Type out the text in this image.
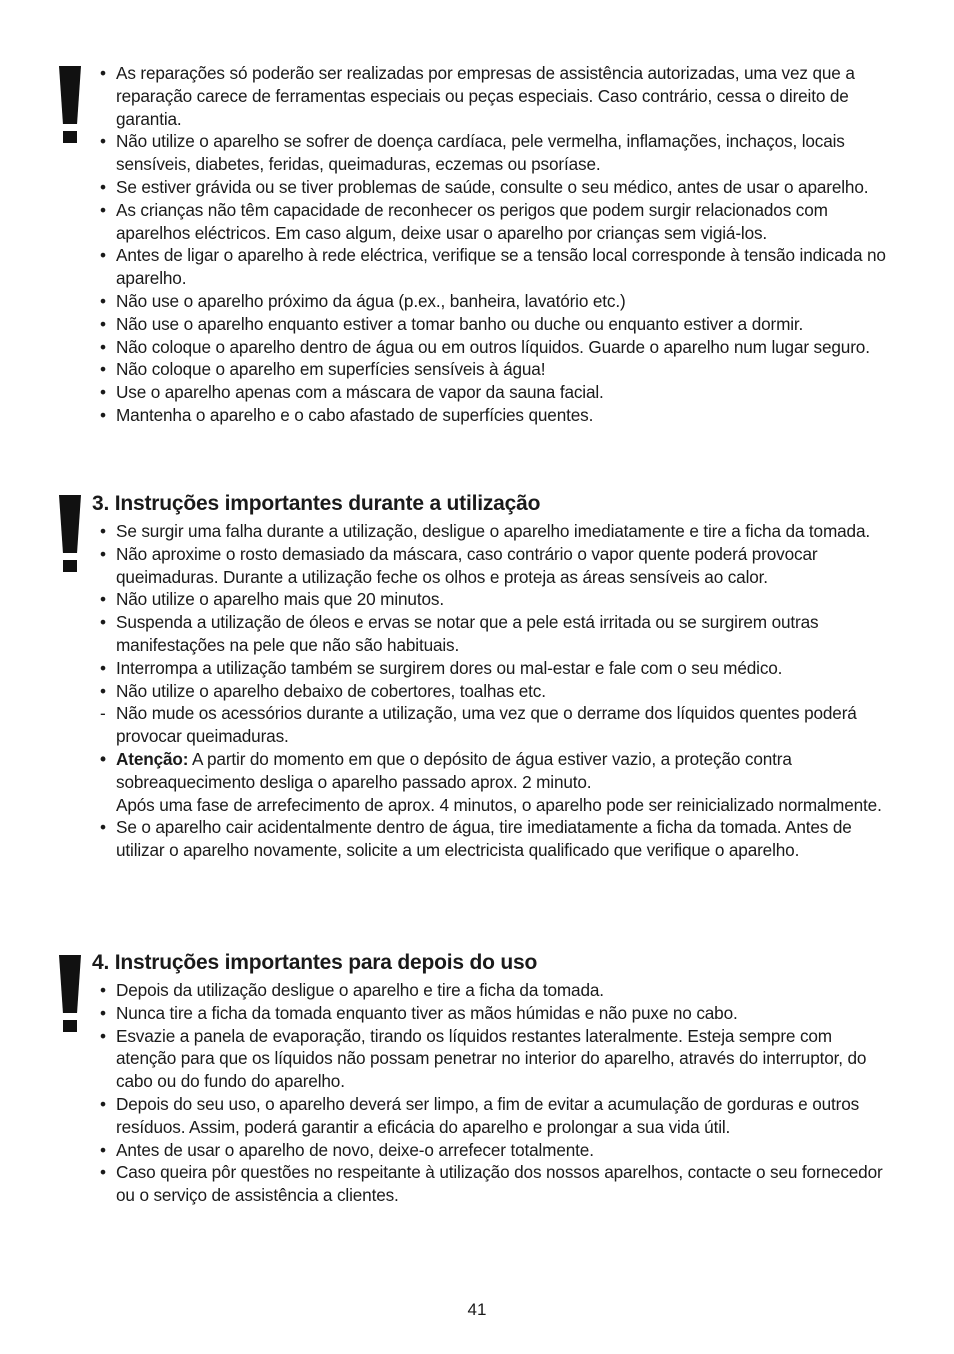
• As reparações só poderão ser realizadas por empresas de assistência autorizadas, uma vez que a reparação carece de ferramentas especiais ou peças especiais. Caso contrário, cessa o direito de garantia.
• Não utilize o aparelho se sofrer de doença cardíaca, pele vermelha, inflamações, inchaços, locais sensíveis, diabetes, feridas, queimaduras, eczemas ou psoríase.
• Se estiver grávida ou se tiver problemas de saúde, consulte o seu médico, antes de usar o aparelho.
• As crianças não têm capacidade de reconhecer os perigos que podem surgir relacionados com aparelhos eléctricos. Em caso algum, deixe usar o aparelho por crianças sem vigiá-los.
• Antes de ligar o aparelho à rede eléctrica, verifique se a tensão local corresponde à tensão indicada no aparelho.
• Não use o aparelho próximo da água (p.ex., banheira, lavatório etc.)
• Não use o aparelho enquanto estiver a tomar banho ou duche ou enquanto estiver a dormir.
• Não coloque o aparelho dentro de água ou em outros líquidos. Guarde o aparelho num lugar seguro.
• Não coloque o aparelho em superfícies sensíveis à água!
• Use o aparelho apenas com a máscara de vapor da sauna facial.
• Mantenha o aparelho e o cabo afastado de superfícies quentes.
3. Instruções importantes durante a utilização
• Se surgir uma falha durante a utilização, desligue o aparelho imediatamente e tire a ficha da tomada.
• Não aproxime o rosto demasiado da máscara, caso contrário o vapor quente poderá provocar queimaduras. Durante a utilização feche os olhos e proteja as áreas sensíveis ao calor.
• Não utilize o aparelho mais que 20 minutos.
• Suspenda a utilização de óleos e ervas se notar que a pele está irritada ou se surgirem outras manifestações na pele que não são habituais.
• Interrompa a utilização também se surgirem dores ou mal-estar e fale com o seu médico.
• Não utilize o aparelho debaixo de cobertores, toalhas etc.
- Não mude os acessórios durante a utilização, uma vez que o derrame dos líquidos quentes poderá provocar queimaduras.
• Atenção: A partir do momento em que o depósito de água estiver vazio, a proteção contra sobreaquecimento desliga o aparelho passado aprox. 2 minuto.
Após uma fase de arrefecimento de aprox. 4 minutos, o aparelho pode ser reinicializado normalmente.
• Se o aparelho cair acidentalmente dentro de água, tire imediatamente a ficha da tomada. Antes de utilizar o aparelho novamente, solicite a um electricista qualificado que verifique o aparelho.
4. Instruções importantes para depois do uso
• Depois da utilização desligue o aparelho e tire a ficha da tomada.
• Nunca tire a ficha da tomada enquanto tiver as mãos húmidas e não puxe no cabo.
• Esvazie a panela de evaporação, tirando os líquidos restantes lateralmente. Esteja sempre com atenção para que os líquidos não possam penetrar no interior do aparelho, através do interruptor, do cabo ou do fundo do aparelho.
• Depois do seu uso, o aparelho deverá ser limpo, a fim de evitar a acumulação de gorduras e outros resíduos. Assim, poderá garantir a eficácia do aparelho e prolongar a sua vida útil.
• Antes de usar o aparelho de novo, deixe-o arrefecer totalmente.
• Caso queira pôr questões no respeitante à utilização dos nossos aparelhos, contacte o seu fornecedor ou o serviço de assistência a clientes.
41
